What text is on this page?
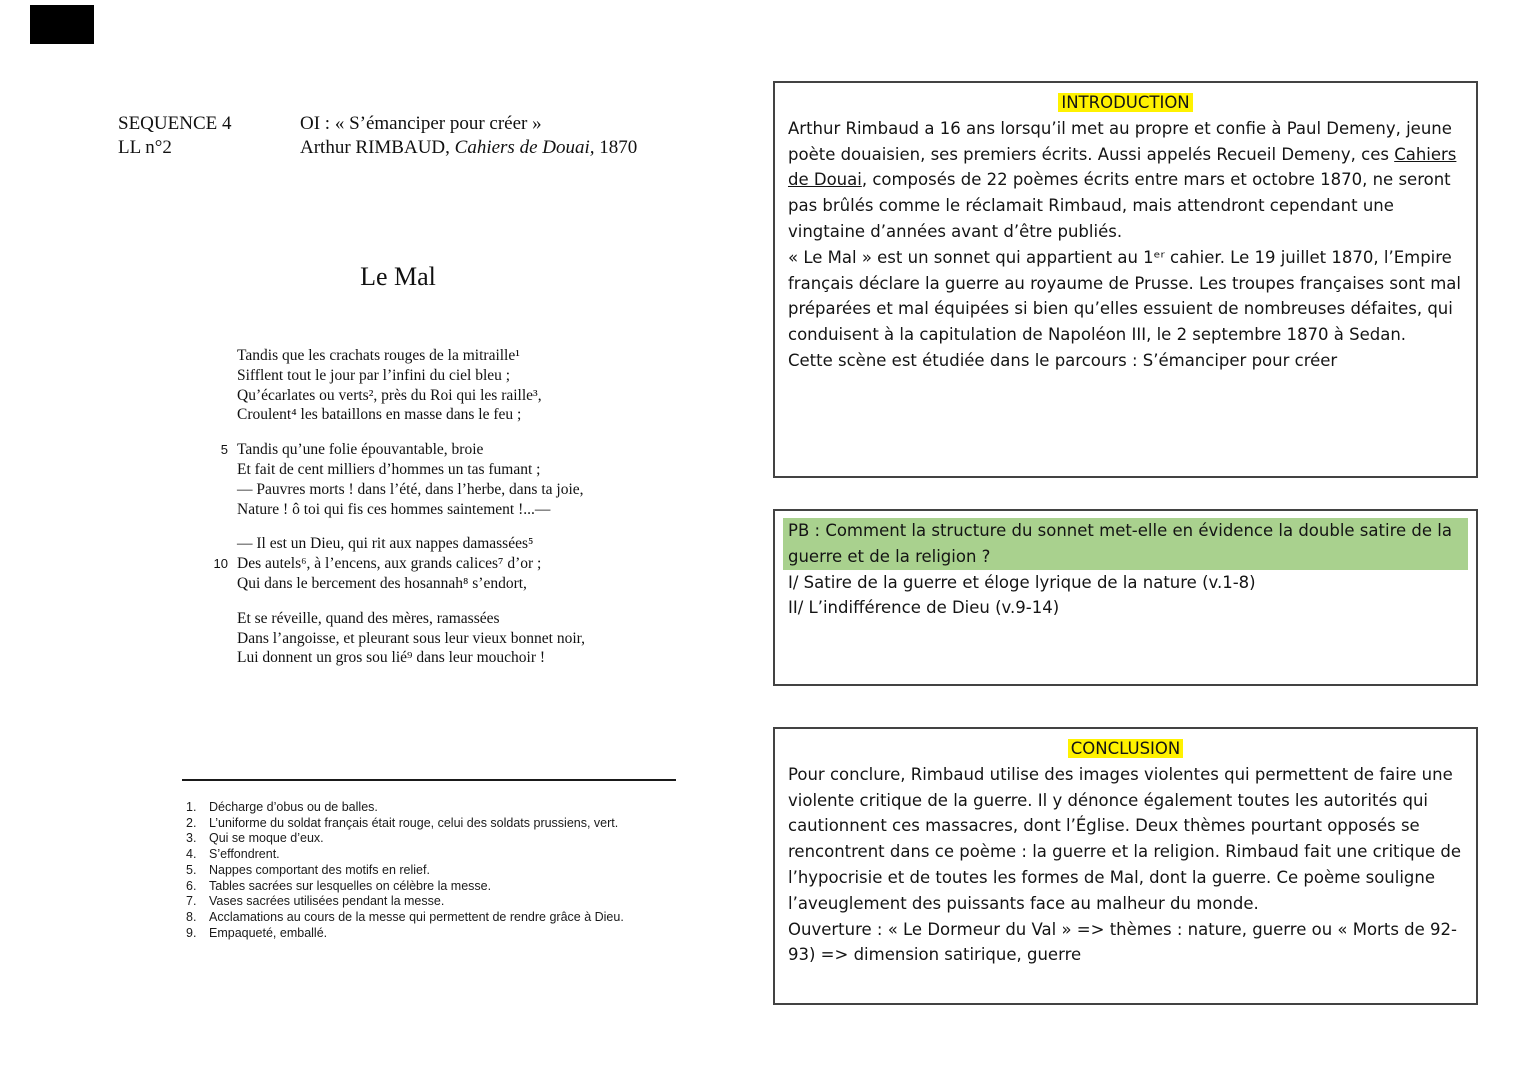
SEQUENCE 4
LL n°2
OI : « S’émanciper pour créer »
Arthur RIMBAUD, Cahiers de Douai, 1870
Le Mal
Tandis que les crachats rouges de la mitraille¹
Sifflent tout le jour par l’infini du ciel bleu ;
Qu’écarlates ou verts², près du Roi qui les raille³,
Croulent⁴ les bataillons en masse dans le feu ;
5 Tandis qu’une folie épouvantable, broie
Et fait de cent milliers d’hommes un tas fumant ;
— Pauvres morts ! dans l’été, dans l’herbe, dans ta joie,
Nature ! ô toi qui fis ces hommes saintement !...—
— Il est un Dieu, qui rit aux nappes damassées⁵
10 Des autels⁶, à l’encens, aux grands calices⁷ d’or ;
Qui dans le bercement des hosannah⁸ s’endort,
Et se réveille, quand des mères, ramassées
Dans l’angoisse, et pleurant sous leur vieux bonnet noir,
Lui donnent un gros sou lié⁹ dans leur mouchoir !
1.	Décharge d’obus ou de balles.
2.	L’uniforme du soldat français était rouge, celui des soldats prussiens, vert.
3.	Qui se moque d’eux.
4.	S’effondrent.
5.	Nappes comportant des motifs en relief.
6.	Tables sacrées sur lesquelles on célèbre la messe.
7.	Vases sacrées utilisées pendant la messe.
8.	Acclamations au cours de la messe qui permettent de rendre grâce à Dieu.
9.	Empaqueté, emballé.
INTRODUCTION

Arthur Rimbaud a 16 ans lorsqu’il met au propre et confie à Paul Demeny, jeune poète douaisien, ses premiers écrits. Aussi appelés Recueil Demeny, ces Cahiers de Douai, composés de 22 poèmes écrits entre mars et octobre 1870, ne seront pas brûlés comme le réclamait Rimbaud, mais attendront cependant une vingtaine d’années avant d’être publiés.

« Le Mal » est un sonnet qui appartient au 1ᵉʳ cahier. Le 19 juillet 1870, l’Empire français déclare la guerre au royaume de Prusse. Les troupes françaises sont mal préparées et mal équipées si bien qu’elles essuient de nombreuses défaites, qui conduisent à la capitulation de Napoléon III, le 2 septembre 1870 à Sedan.

Cette scène est étudiée dans le parcours : S’émanciper pour créer

PB : Comment la structure du sonnet met-elle en évidence la double satire de la guerre et de la religion ?
I/ Satire de la guerre et éloge lyrique de la nature (v.1-8)
II/ L’indifférence de Dieu (v.9-14)
CONCLUSION

Pour conclure, Rimbaud utilise des images violentes qui permettent de faire une violente critique de la guerre. Il y dénonce également toutes les autorités qui cautionnent ces massacres, dont l’Église. Deux thèmes pourtant opposés se rencontrent dans ce poème : la guerre et la religion. Rimbaud fait une critique de l’hypocrisie et de toutes les formes de Mal, dont la guerre. Ce poème souligne l’aveuglement des puissants face au malheur du monde.

Ouverture : « Le Dormeur du Val » => thèmes : nature, guerre ou « Morts de 92-93) => dimension satirique, guerre
